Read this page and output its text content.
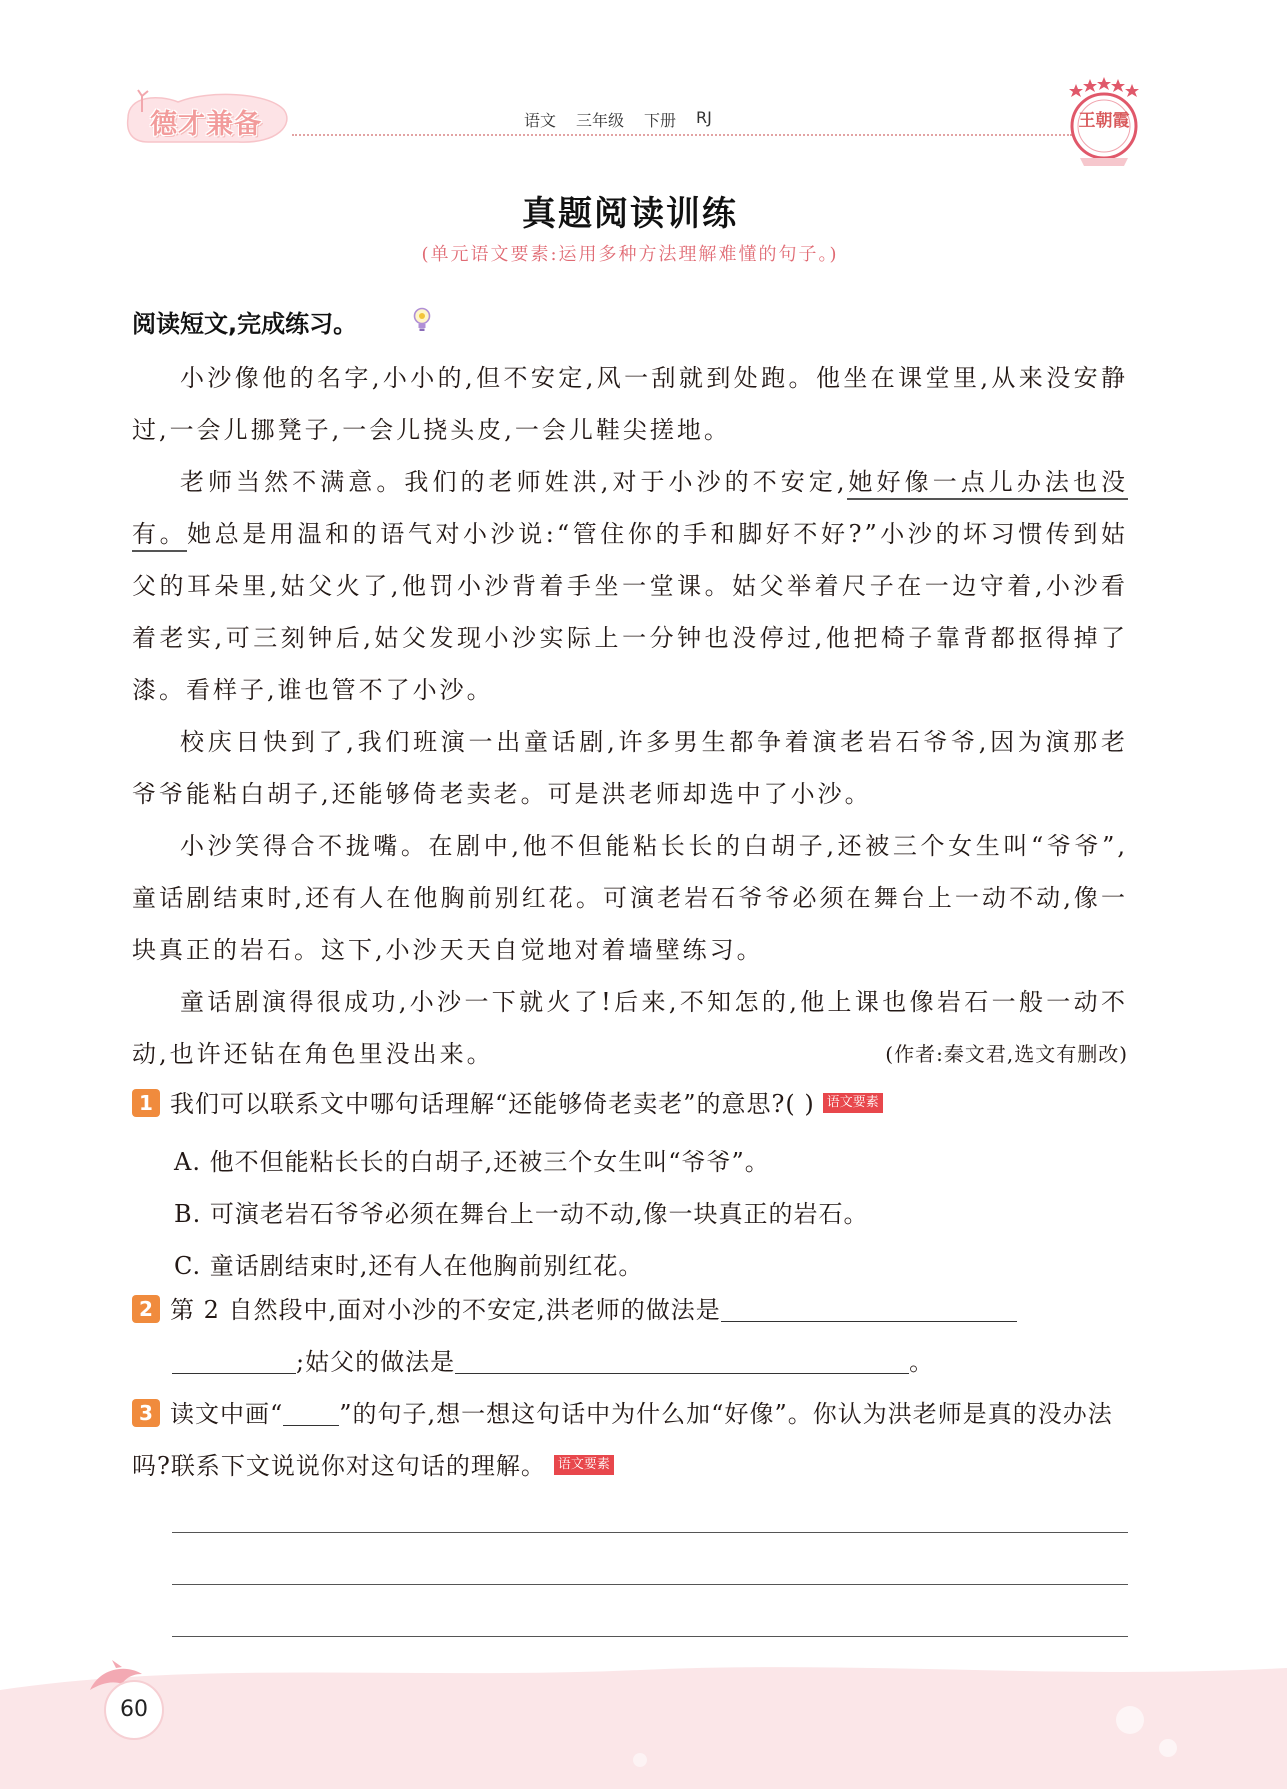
德才兼备	语文 三年级 下册 RJ	王朝霞
真题阅读训练
(单元语文要素:运用多种方法理解难懂的句子。)
阅读短文,完成练习。

小沙像他的名字,小小的,但不安定,风一刮就到处跑。他坐在课堂里,从来没安静过,一会儿挪凳子,一会儿挠头皮,一会儿鞋尖搓地。

老师当然不满意。我们的老师姓洪,对于小沙的不安定,她好像一点儿办法也没有。她总是用温和的语气对小沙说:“管住你的手和脚好不好?”小沙的坏习惯传到姑父的耳朵里,姑父火了,他罚小沙背着手坐一堂课。姑父举着尺子在一边守着,小沙看着老实,可三刻钟后,姑父发现小沙实际上一分钟也没停过,他把椅子靠背都抠得掉了漆。看样子,谁也管不了小沙。

校庆日快到了,我们班演一出童话剧,许多男生都争着演老岩石爷爷,因为演那老爷爷能粘白胡子,还能够倚老卖老。可是洪老师却选中了小沙。

小沙笑得合不拢嘴。在剧中,他不但能粘长长的白胡子,还被三个女生叫“爷爷”,童话剧结束时,还有人在他胸前别红花。可演老岩石爷爷必须在舞台上一动不动,像一块真正的岩石。这下,小沙天天自觉地对着墙壁练习。

童话剧演得很成功,小沙一下就火了!后来,不知怎的,他上课也像岩石一般一动不动,也许还钻在角色里没出来。	(作者:秦文君,选文有删改)

1 我们可以联系文中哪句话理解“还能够倚老卖老”的意思?( ) 语文要素
A. 他不但能粘长长的白胡子,还被三个女生叫“爷爷”。
B. 可演老岩石爷爷必须在舞台上一动不动,像一块真正的岩石。
C. 童话剧结束时,还有人在他胸前别红花。
2 第 2 自然段中,面对小沙的不安定,洪老师的做法是
;姑父的做法是	。
3 读文中画“ ”的句子,想一想这句话中为什么加“好像”。你认为洪老师是真的没办法吗?联系下文说说你对这句话的理解。 语文要素
60
